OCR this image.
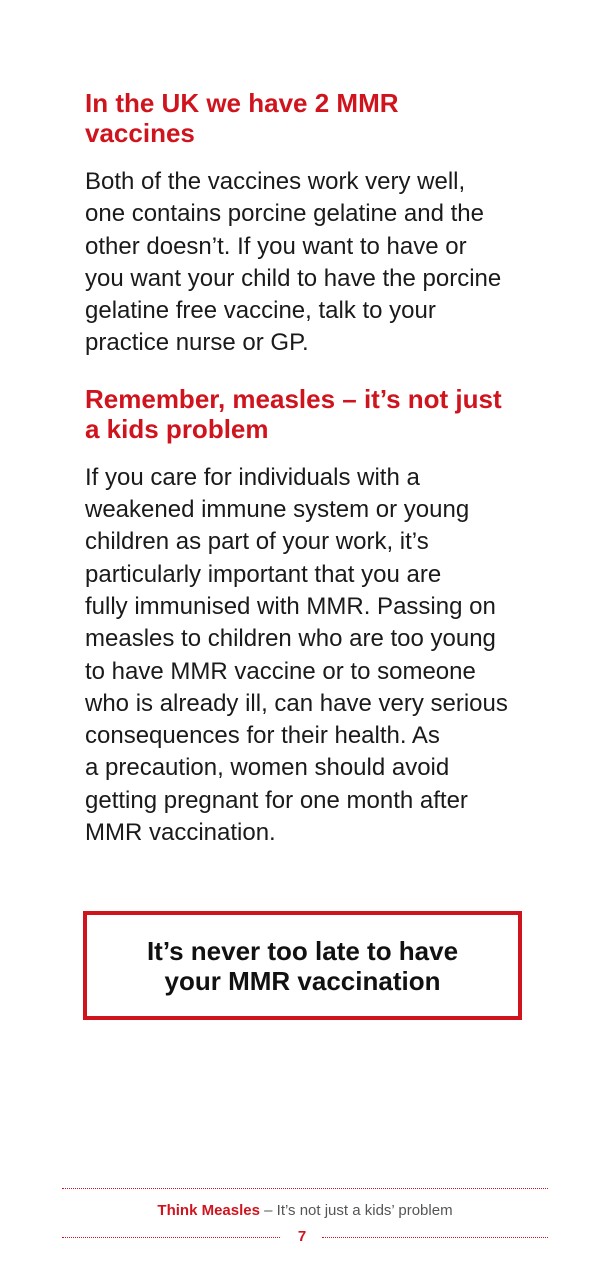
In the UK we have 2 MMR
vaccines

Both of the vaccines work very well,
one contains porcine gelatine and the
other doesn’t. If you want to have or
you want your child to have the porcine
gelatine free vaccine, talk to your
practice nurse or GP.

Remember, measles – it’s not just
a kids problem

If you care for individuals with a
weakened immune system or young
children as part of your work, it’s
particularly important that you are
fully immunised with MMR. Passing on
measles to children who are too young
to have MMR vaccine or to someone
who is already ill, can have very serious
consequences for their health. As
a precaution, women should avoid
getting pregnant for one month after
MMR vaccination.

It’s never too late to have
your MMR vaccination
Think Measles – It’s not just a kids’ problem
7
